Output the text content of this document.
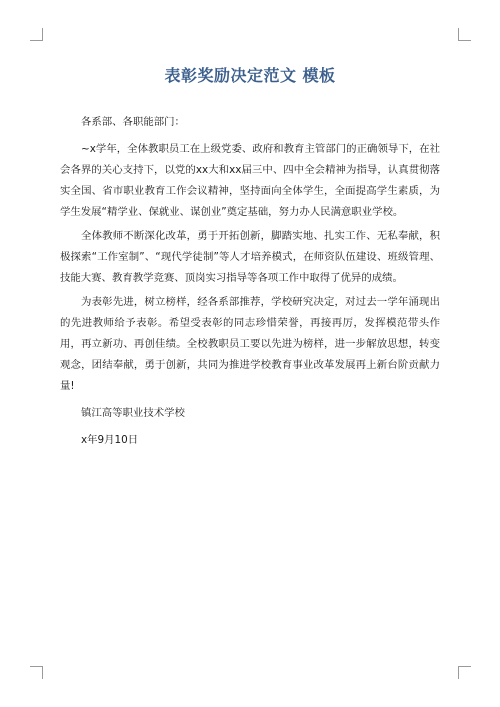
表彰奖励决定范文 模板

各系部、各职能部门：

~x学年，全体教职员工在上级党委、政府和教育主管部门的正确领导下，在社会各界的关心支持下，以党的xx大和xx届三中、四中全会精神为指导，认真贯彻落实全国、省市职业教育工作会议精神，坚持面向全体学生，全面提高学生素质，为学生发展“精学业、保就业、谋创业”奠定基础，努力办人民满意职业学校。

全体教师不断深化改革，勇于开拓创新，脚踏实地、扎实工作、无私奉献，积极探索“工作室制”、“现代学徒制”等人才培养模式，在师资队伍建设、班级管理、技能大赛、教育教学竞赛、顶岗实习指导等各项工作中取得了优异的成绩。

为表彰先进，树立榜样，经各系部推荐，学校研究决定，对过去一学年涌现出的先进教师给予表彰。希望受表彰的同志珍惜荣誉，再接再厉，发挥模范带头作用，再立新功、再创佳绩。全校教职员工要以先进为榜样，进一步解放思想，转变观念，团结奉献，勇于创新，共同为推进学校教育事业改革发展再上新台阶贡献力量!

镇江高等职业技术学校

x年9月10日
